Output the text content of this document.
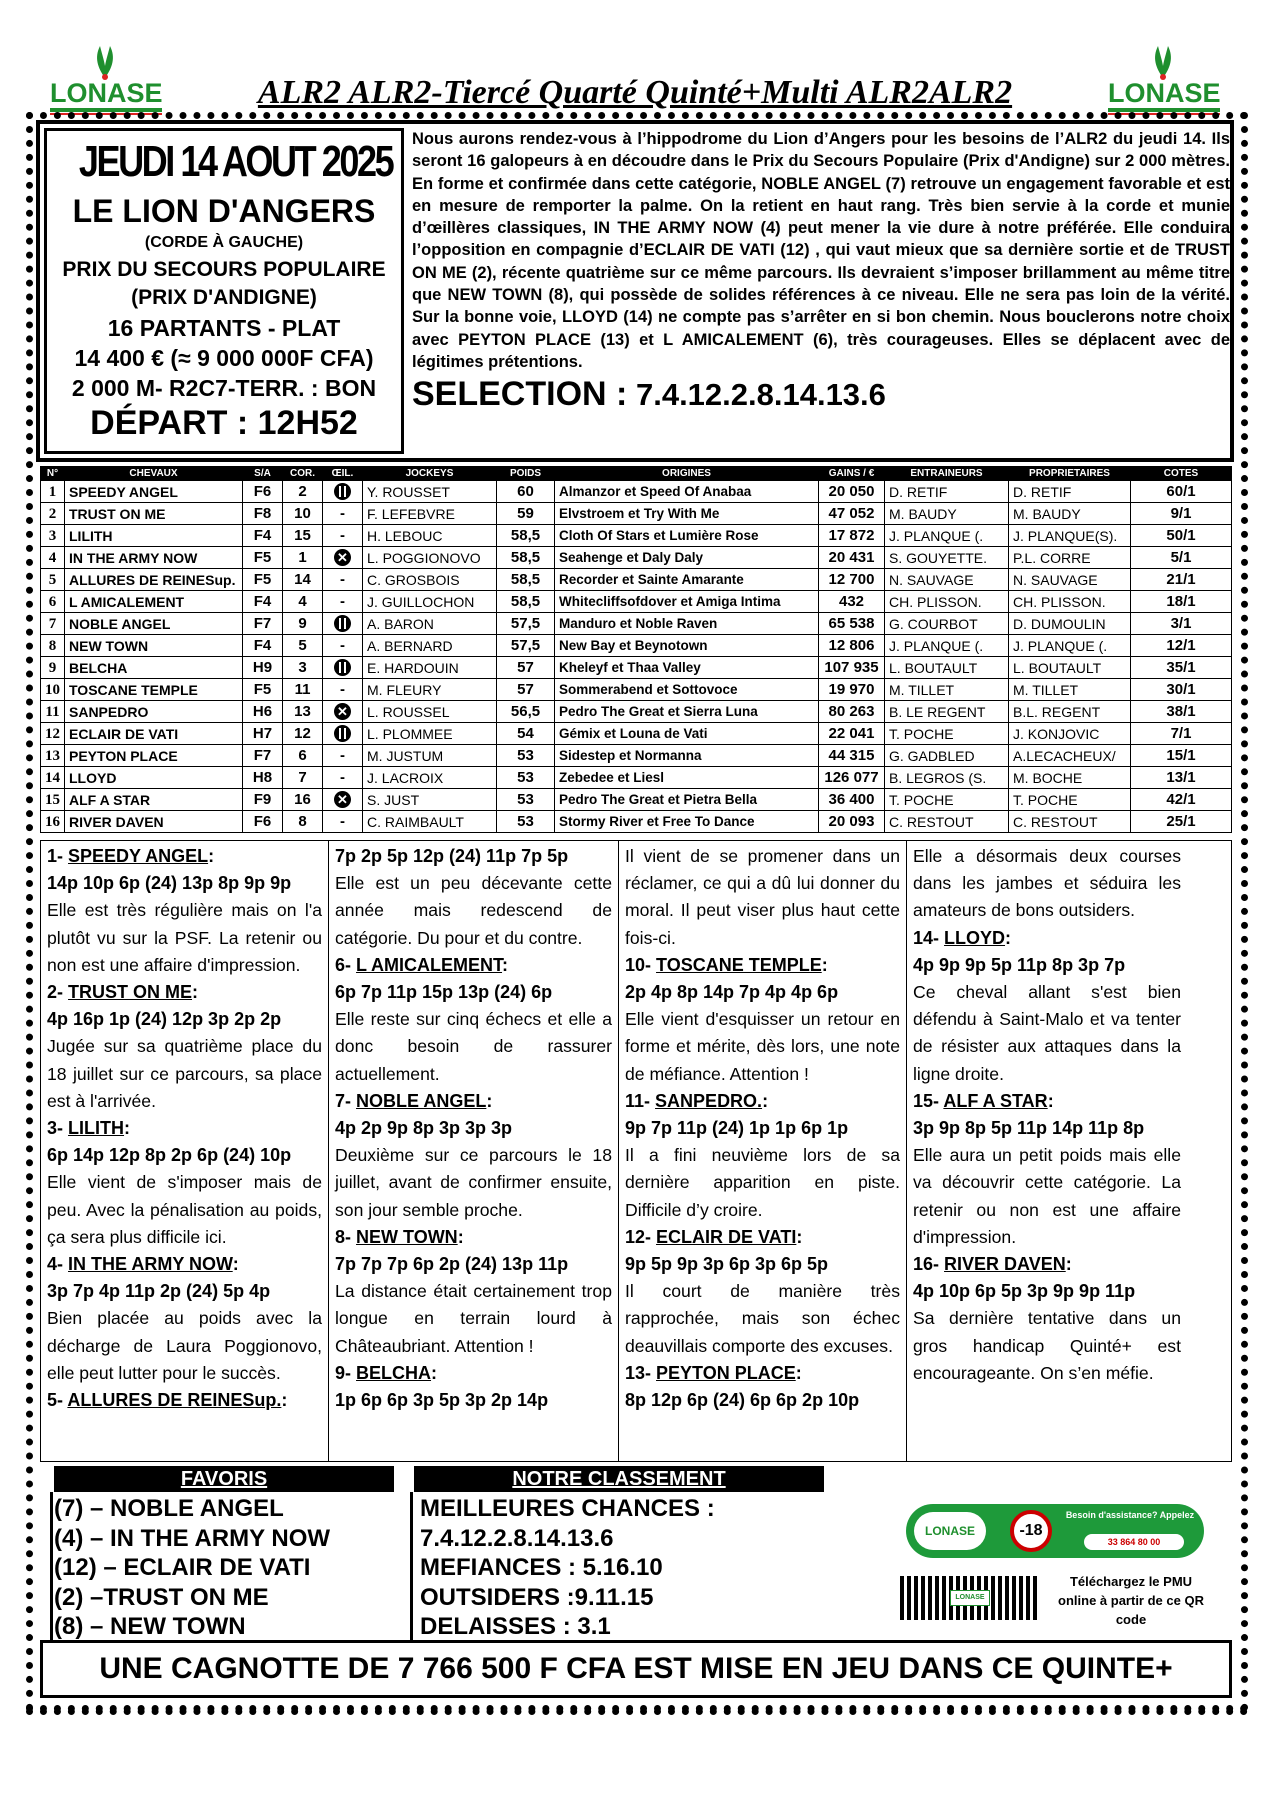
LONASE	LONASE
ALR2 ALR2-Tiercé Quarté Quinté+Multi ALR2ALR2
JEUDI 14 AOUT 2025
LE LION D'ANGERS
(CORDE À GAUCHE)
PRIX DU SECOURS POPULAIRE
(PRIX D'ANDIGNE)
16 PARTANTS - PLAT
14 400 € (≈ 9 000 000F CFA)
2 000 M- R2C7-TERR. : BON
DÉPART : 12H52

Nous aurons rendez-vous à l’hippodrome du Lion d’Angers pour les besoins de l’ALR2 du jeudi 14. Ils seront 16 galopeurs à en découdre dans le Prix du Secours Populaire (Prix d'Andigne) sur 2 000 mètres. En forme et confirmée dans cette catégorie, NOBLE ANGEL (7) retrouve un engagement favorable et est en mesure de remporter la palme. On la retient en haut rang. Très bien servie à la corde et munie d’œillères classiques, IN THE ARMY NOW (4) peut mener la vie dure à notre préférée. Elle conduira l’opposition en compagnie d’ECLAIR DE VATI (12) , qui vaut mieux que sa dernière sortie et de TRUST ON ME (2), récente quatrième sur ce même parcours. Ils devraient s’imposer brillamment au même titre que NEW TOWN (8), qui possède de solides références à ce niveau. Elle ne sera pas loin de la vérité. Sur la bonne voie, LLOYD (14) ne compte pas s’arrêter en si bon chemin. Nous bouclerons notre choix avec PEYTON PLACE (13) et L AMICALEMENT (6), très courageuses. Elles se déplacent avec de légitimes prétentions.

SELECTION : 7.4.12.2.8.14.13.6
N°	CHEVAUX	S/A	COR.	ŒIL.	JOCKEYS	POIDS	ORIGINES	GAINS / €	ENTRAINEURS	PROPRIETAIRES	COTES
1	SPEEDY ANGEL	F6	2		Y. ROUSSET	60	Almanzor et Speed Of Anabaa	20 050	D. RETIF	D. RETIF	60/1
2	TRUST ON ME	F8	10	-	F. LEFEBVRE	59	Elvstroem et Try With Me	47 052	M. BAUDY	M. BAUDY	9/1
3	LILITH	F4	15	-	H. LEBOUC	58,5	Cloth Of Stars et Lumière Rose	17 872	J. PLANQUE (.	J. PLANQUE(S).	50/1
4	IN THE ARMY NOW	F5	1	✕	L. POGGIONOVO	58,5	Seahenge et Daly Daly	20 431	S. GOUYETTE.	P.L. CORRE	5/1
5	ALLURES DE REINESup.	F5	14	-	C. GROSBOIS	58,5	Recorder et Sainte Amarante	12 700	N. SAUVAGE	N. SAUVAGE	21/1
6	L AMICALEMENT	F4	4	-	J. GUILLOCHON	58,5	Whitecliffsofdover et Amiga Intima	432	CH. PLISSON.	CH. PLISSON.	18/1
7	NOBLE ANGEL	F7	9		A. BARON	57,5	Manduro et Noble Raven	65 538	G. COURBOT	D. DUMOULIN	3/1
8	NEW TOWN	F4	5	-	A. BERNARD	57,5	New Bay et Beynotown	12 806	J. PLANQUE (.	J. PLANQUE (.	12/1
9	BELCHA	H9	3		E. HARDOUIN	57	Kheleyf et Thaa Valley	107 935	L. BOUTAULT	L. BOUTAULT	35/1
10	TOSCANE TEMPLE	F5	11	-	M. FLEURY	57	Sommerabend et Sottovoce	19 970	M. TILLET	M. TILLET	30/1
11	SANPEDRO	H6	13	✕	L. ROUSSEL	56,5	Pedro The Great et Sierra Luna	80 263	B. LE REGENT	B.L. REGENT	38/1
12	ECLAIR DE VATI	H7	12		L. PLOMMEE	54	Gémix et Louna de Vati	22 041	T. POCHE	J. KONJOVIC	7/1
13	PEYTON PLACE	F7	6	-	M. JUSTUM	53	Sidestep et Normanna	44 315	G. GADBLED	A.LECACHEUX/	15/1
14	LLOYD	H8	7	-	J. LACROIX	53	Zebedee et Liesl	126 077	B. LEGROS (S.	M. BOCHE	13/1
15	ALF A STAR	F9	16	✕	S. JUST	53	Pedro The Great et Pietra Bella	36 400	T. POCHE	T. POCHE	42/1
16	RIVER DAVEN	F6	8	-	C. RAIMBAULT	53	Stormy River et Free To Dance	20 093	C. RESTOUT	C. RESTOUT	25/1
1- SPEEDY ANGEL:
14p 10p 6p (24) 13p 8p 9p 9p

Elle est très régulière mais on l'a plutôt vu sur la PSF. La retenir ou non est une affaire d'impression.

2- TRUST ON ME:
4p 16p 1p (24) 12p 3p 2p 2p

Jugée sur sa quatrième place du 18 juillet sur ce parcours, sa place est à l'arrivée.

3- LILITH:
6p 14p 12p 8p 2p 6p (24) 10p

Elle vient de s'imposer mais de peu. Avec la pénalisation au poids, ça sera plus difficile ici.

4- IN THE ARMY NOW:
3p 7p 4p 11p 2p (24) 5p 4p

Bien placée au poids avec la décharge de Laura Poggionovo, elle peut lutter pour le succès.

5- ALLURES DE REINESup.:
7p 2p 5p 12p (24) 11p 7p 5p

Elle est un peu décevante cette année mais redescend de catégorie. Du pour et du contre.

6- L AMICALEMENT:
6p 7p 11p 15p 13p (24) 6p

Elle reste sur cinq échecs et elle a donc besoin de rassurer actuellement.

7- NOBLE ANGEL:
4p 2p 9p 8p 3p 3p 3p

Deuxième sur ce parcours le 18 juillet, avant de confirmer ensuite, son jour semble proche.

8- NEW TOWN:
7p 7p 7p 6p 2p (24) 13p 11p

La distance était certainement trop longue en terrain lourd à Châteaubriant. Attention !

9- BELCHA:
1p 6p 6p 3p 5p 3p 2p 14p

Il vient de se promener dans un réclamer, ce qui a dû lui donner du moral. Il peut viser plus haut cette fois-ci.

10- TOSCANE TEMPLE:
2p 4p 8p 14p 7p 4p 4p 6p

Elle vient d'esquisser un retour en forme et mérite, dès lors, une note de méfiance. Attention !

11- SANPEDRO.:
9p 7p 11p (24) 1p 1p 6p 1p

Il a fini neuvième lors de sa dernière apparition en piste. Difficile d’y croire.

12- ECLAIR DE VATI:
9p 5p 9p 3p 6p 3p 6p 5p

Il court de manière très rapprochée, mais son échec deauvillais comporte des excuses.

13- PEYTON PLACE:
8p 12p 6p (24) 6p 6p 2p 10p

Elle a désormais deux courses dans les jambes et séduira les amateurs de bons outsiders.

14- LLOYD:
4p 9p 9p 5p 11p 8p 3p 7p

Ce cheval allant s'est bien défendu à Saint-Malo et va tenter de résister aux attaques dans la ligne droite.

15- ALF A STAR:
3p 9p 8p 5p 11p 14p 11p 8p

Elle aura un petit poids mais elle va découvrir cette catégorie. La retenir ou non est une affaire d'impression.

16- RIVER DAVEN:
4p 10p 6p 5p 3p 9p 9p 11p

Sa dernière tentative dans un gros handicap Quinté+ est encourageante. On s’en méfie.

FAVORIS
(7) – NOBLE ANGEL
(4) – IN THE ARMY NOW
(12) – ECLAIR DE VATI
(2) –TRUST ON ME
(8) – NEW TOWN
NOTRE CLASSEMENT
MEILLEURES CHANCES :
7.4.12.2.8.14.13.6
MEFIANCES : 5.16.10
OUTSIDERS :9.11.15
DELAISSES : 3.1
LONASE	-18
Besoin d'assistance? Appelez
33 864 80 00
LONASE
Téléchargez le PMU online à partir de ce QR code
UNE CAGNOTTE DE 7 766 500 F CFA EST MISE EN JEU DANS CE QUINTE+
